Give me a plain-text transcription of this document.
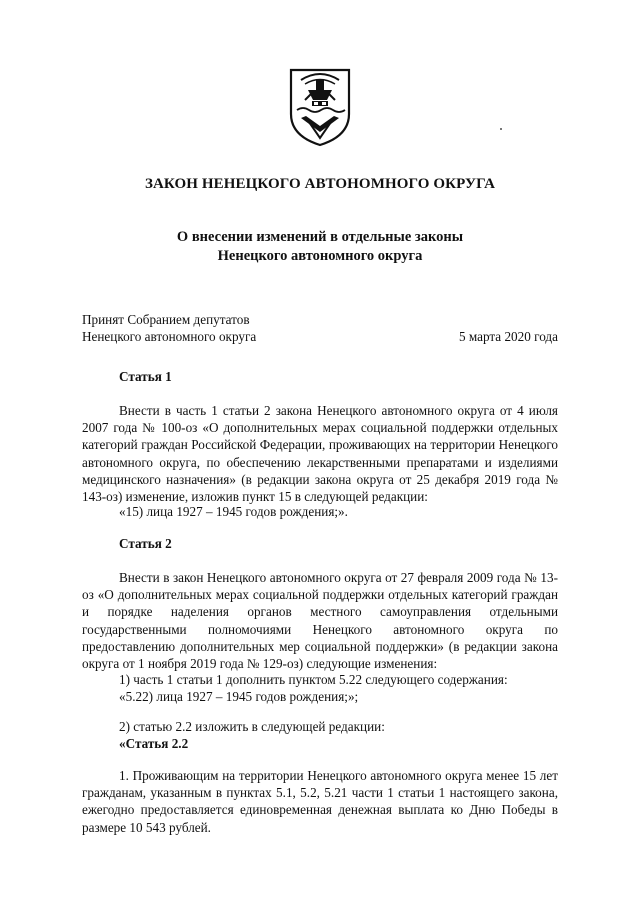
ЗАКОН НЕНЕЦКОГО АВТОНОМНОГО ОКРУГА
О внесении изменений в отдельные законы
Ненецкого автономного округа
Принят Собранием депутатов
Ненецкого автономного округа	5 марта 2020 года
Статья 1

Внести в часть 1 статьи 2 закона Ненецкого автономного округа от 4 июля 2007 года № 100-оз «О дополнительных мерах социальной поддержки отдельных категорий граждан Российской Федерации, проживающих на территории Ненецкого автономного округа, по обеспечению лекарственными препаратами и изделиями медицинского назначения» (в редакции закона округа от 25 декабря 2019 года № 143-оз) изменение, изложив пункт 15 в следующей редакции:

«15) лица 1927 – 1945 годов рождения;».

Статья 2

Внести в закон Ненецкого автономного округа от 27 февраля 2009 года № 13-оз «О дополнительных мерах социальной поддержки отдельных категорий граждан и порядке наделения органов местного самоуправления отдельными государственными полномочиями Ненецкого автономного округа по предоставлению дополнительных мер социальной поддержки» (в редакции закона округа от 1 ноября 2019 года № 129-оз) следующие изменения:

1) часть 1 статьи 1 дополнить пунктом 5.22 следующего содержания:
«5.22) лица 1927 – 1945 годов рождения;»;

2) статью 2.2 изложить в следующей редакции:
«Статья 2.2

1. Проживающим на территории Ненецкого автономного округа менее 15 лет гражданам, указанным в пунктах 5.1, 5.2, 5.21 части 1 статьи 1 настоящего закона, ежегодно предоставляется единовременная денежная выплата ко Дню Победы в размере 10 543 рублей.
